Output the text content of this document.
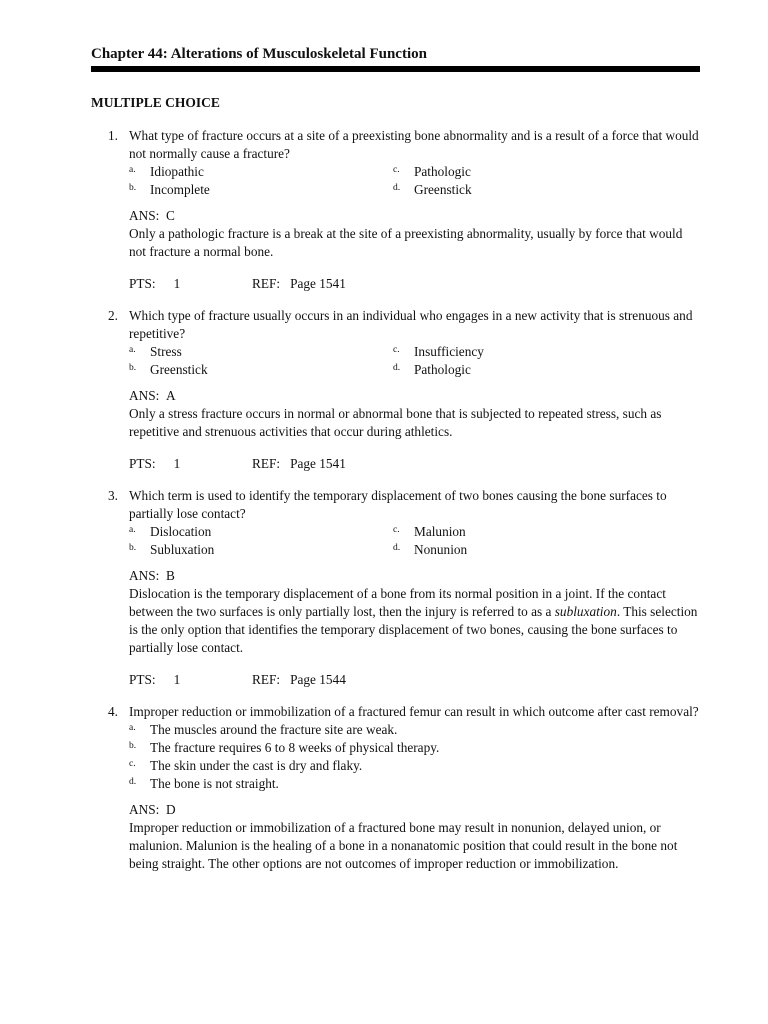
Chapter 44: Alterations of Musculoskeletal Function
MULTIPLE CHOICE
1. What type of fracture occurs at a site of a preexisting bone abnormality and is a result of a force that would not normally cause a fracture?
a.	Idiopathic	c.	Pathologic
b.	Incomplete	d.	Greenstick
ANS: C
Only a pathologic fracture is a break at the site of a preexisting abnormality, usually by force that would not fracture a normal bone.
PTS: 1	REF: Page 1541
2. Which type of fracture usually occurs in an individual who engages in a new activity that is strenuous and repetitive?
a.	Stress	c.	Insufficiency
b.	Greenstick	d.	Pathologic
ANS: A
Only a stress fracture occurs in normal or abnormal bone that is subjected to repeated stress, such as repetitive and strenuous activities that occur during athletics.
PTS: 1	REF: Page 1541
3. Which term is used to identify the temporary displacement of two bones causing the bone surfaces to partially lose contact?
a.	Dislocation	c.	Malunion
b.	Subluxation	d.	Nonunion
ANS: B
Dislocation is the temporary displacement of a bone from its normal position in a joint. If the contact between the two surfaces is only partially lost, then the injury is referred to as a subluxation. This selection is the only option that identifies the temporary displacement of two bones, causing the bone surfaces to partially lose contact.
PTS: 1	REF: Page 1544
4. Improper reduction or immobilization of a fractured femur can result in which outcome after cast removal?
a.	The muscles around the fracture site are weak.
b.	The fracture requires 6 to 8 weeks of physical therapy.
c.	The skin under the cast is dry and flaky.
d.	The bone is not straight.
ANS: D
Improper reduction or immobilization of a fractured bone may result in nonunion, delayed union, or malunion. Malunion is the healing of a bone in a nonanatomic position that could result in the bone not being straight. The other options are not outcomes of improper reduction or immobilization.
